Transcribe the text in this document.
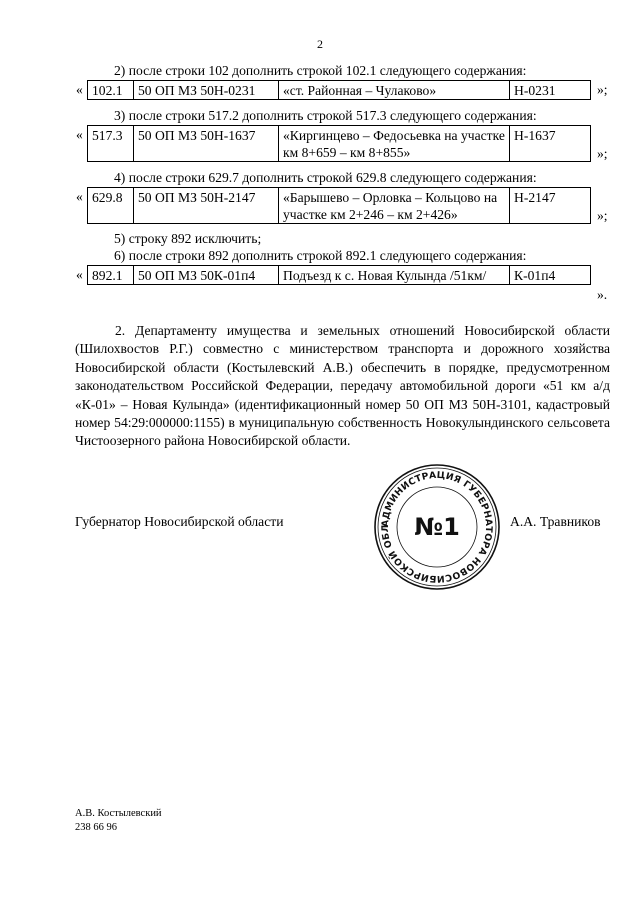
2
2) после строки 102 дополнить строкой 102.1 следующего содержания:
« 102.1	50 ОП МЗ 50Н-0231	«ст. Районная – Чулаково»	Н-0231	»;
3) после строки 517.2 дополнить строкой 517.3 следующего содержания:
« 517.3	50 ОП МЗ 50Н-1637	«Киргинцево – Федосьевка на участке км 8+659 – км 8+855»	Н-1637
»;
4) после строки 629.7 дополнить строкой 629.8 следующего содержания:
« 629.8	50 ОП МЗ 50Н-2147	«Барышево – Орловка – Кольцово на участке км 2+246 – км 2+426»	Н-2147
»;
5) строку 892 исключить;
6) после строки 892 дополнить строкой 892.1 следующего содержания:
« 892.1	50 ОП МЗ 50К-01п4	Подъезд к с. Новая Кулында /51км/	К-01п4
».

2. Департаменту имущества и земельных отношений Новосибирской области (Шилохвостов Р.Г.) совместно с министерством транспорта и дорожного хозяйства Новосибирской области (Костылевский А.В.) обеспечить в порядке, предусмотренном законодательством Российской Федерации, передачу автомобильной дороги «51 км а/д «К-01» – Новая Кулында» (идентификационный номер 50 ОП МЗ 50Н-3101, кадастровый номер 54:29:000000:1155) в муниципальную собственность Новокулындинского сельсовета Чистоозерного района Новосибирской области.

Губернатор Новосибирской области	А.А. Травников
АДМИНИСТРАЦИЯ ГУБЕРНАТОРА НОВОСИБИРСКОЙ ОБЛ №1
А.В. Костылевский
238 66 96
